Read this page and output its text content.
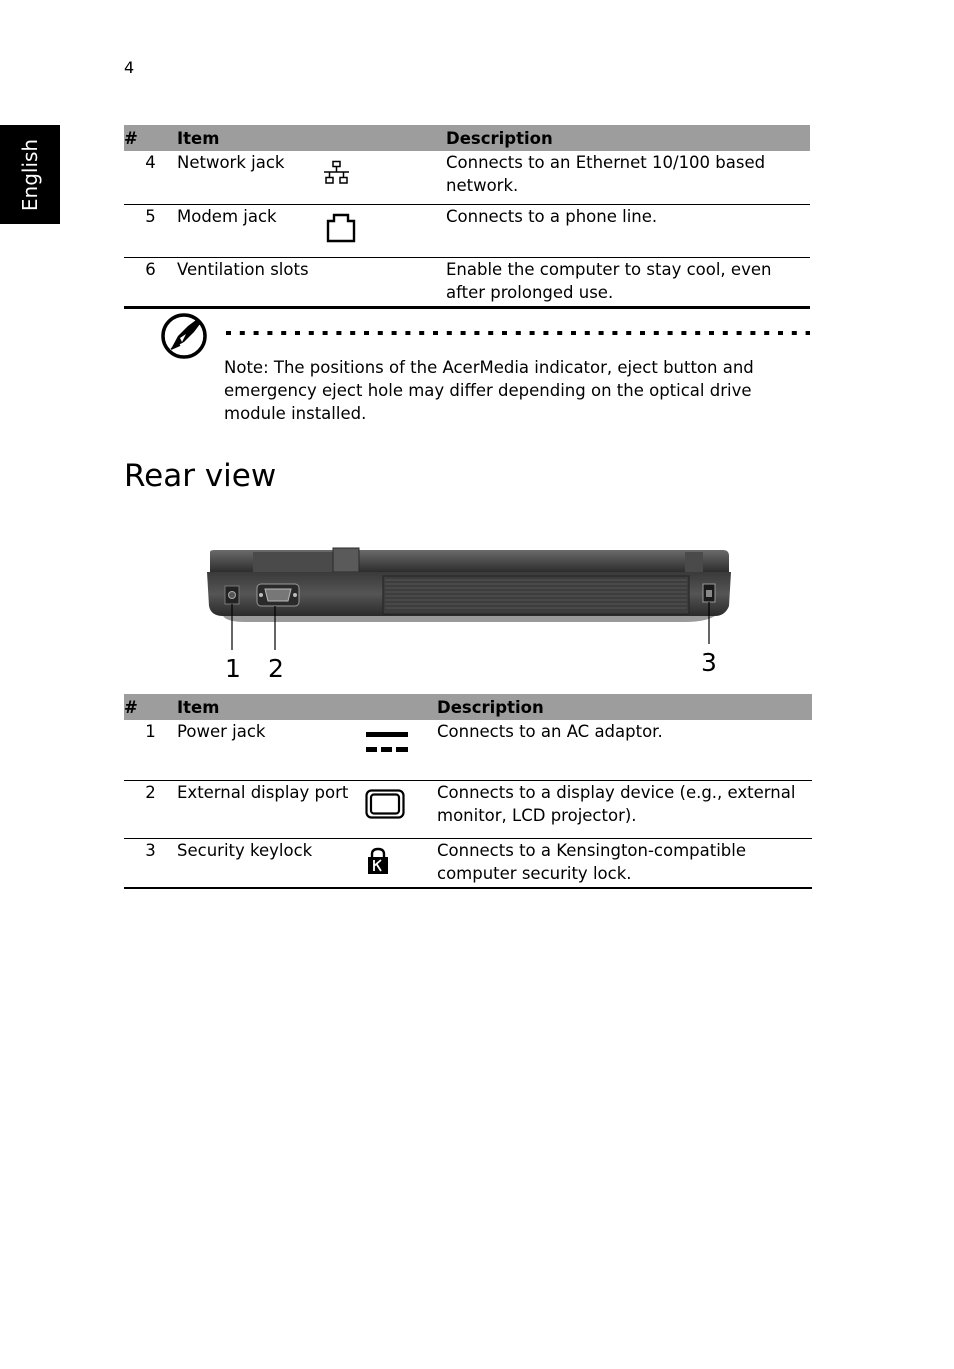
4
English
#	Item		Description
4	Network jack		Connects to an Ethernet 10/100 based network.
5	Modem jack		Connects to a phone line.
6	Ventilation slots		Enable the computer to stay cool, even after prolonged use.
Note: The positions of the AcerMedia indicator, eject button and emergency eject hole may differ depending on the optical drive module installed.
Rear view
1 2	3
#	Item		Description
1	Power jack		Connects to an AC adaptor.
2	External display port		Connects to a display device (e.g., external monitor, LCD projector).
3	Security keylock		Connects to a Kensington-compatible computer security lock.
